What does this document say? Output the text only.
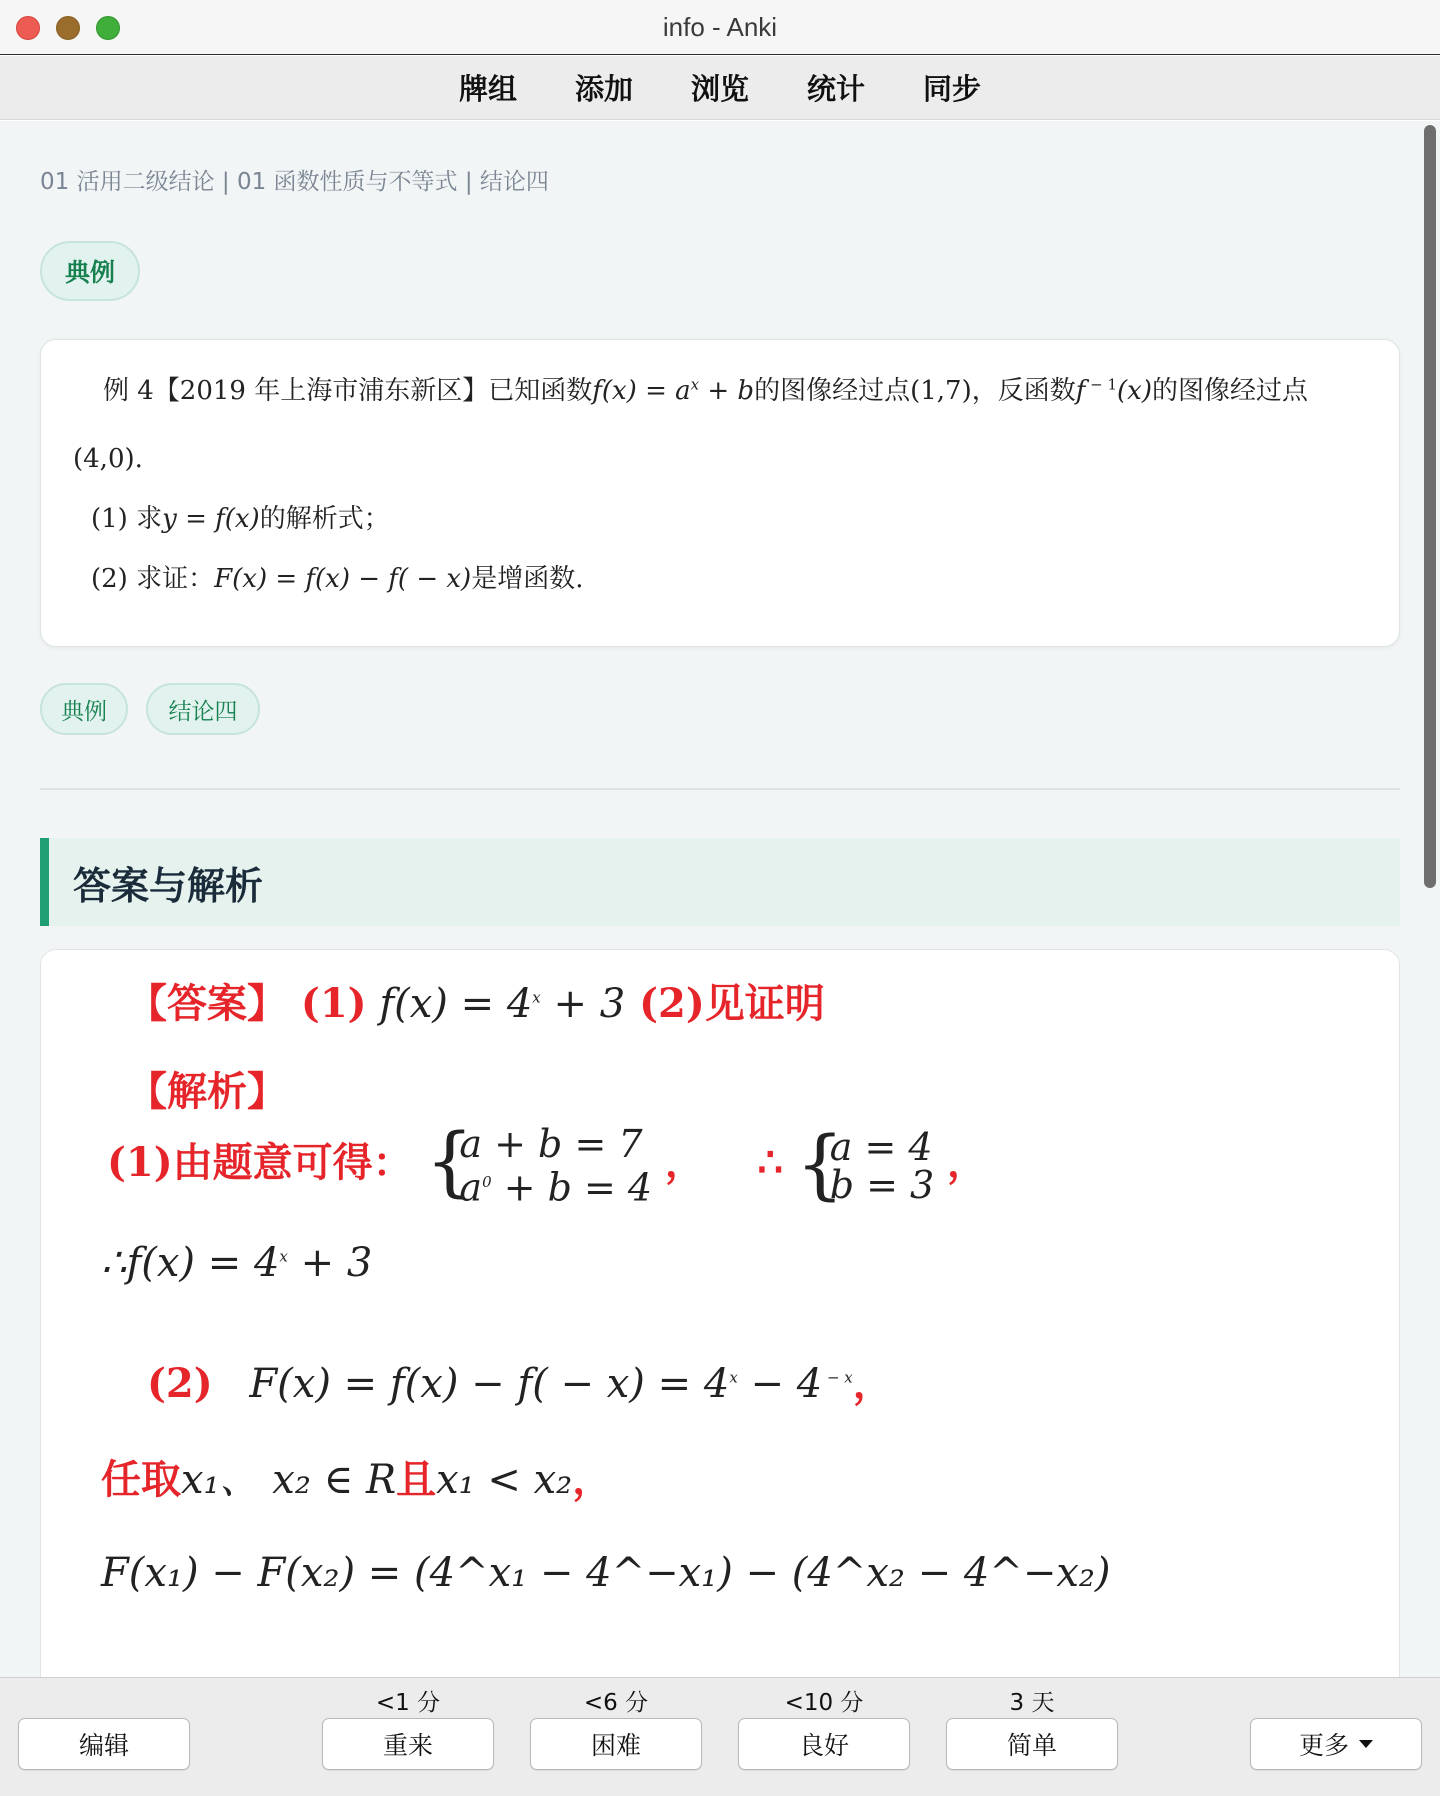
info - Anki
牌组	添加	浏览	统计	同步
01 活用二级结论 | 01 函数性质与不等式 | 结论四
典例
例 4【2019 年上海市浦东新区】已知函数$f(x) = a^x + b$的图像经过点(1,7)，反函数f $^{- 1}$(x)的图像经过点
(4,0).
(1) 求y = f(x)的解析式；
(2) 求证：F(x) = f(x) − f( − x)是增函数.
典例	结论四
答案与解析
【答案】 (1) $f(x) = 4^x + 3$ (2)见证明
【解析】
(1)由题意可得： { a + b = 7
$a^0 + b = 4$ ， ∴ { a = 4
b = 3 ，
∴f(x) = $4^x + 3$
(2) $F(x) = f(x) - f( - x) = 4^x - 4$ $^{- x}$，
任取x₁、 x₂ ∈ R且x₁ < x₂，
F(x₁) − F(x₂) = (4^x₁ − 4^−x₁) − (4^x₂ − 4^−x₂)
编辑
<1 分
重来
<6 分
困难
<10 分
良好
3 天
简单	更多
